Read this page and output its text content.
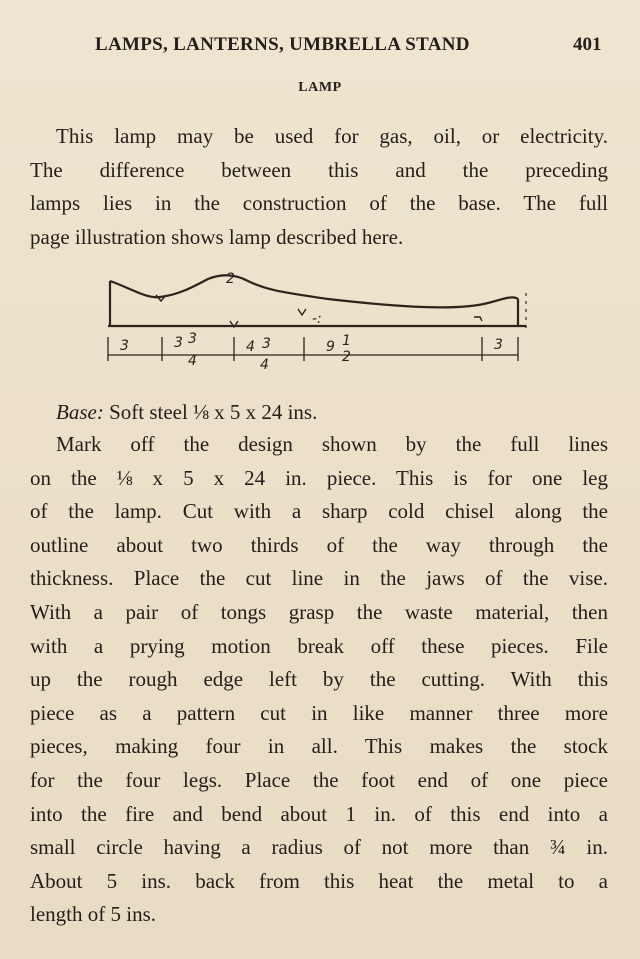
LAMPS, LANTERNS, UMBRELLA STAND	401
LAMP
This lamp may be used for gas, oil, or electricity.
The difference between this and the preceding
lamps lies in the construction of the base. The full
page illustration shows lamp described here.
3	3 3
4
4 3
4
9 1
2
3
2
-:
Base: Soft steel ⅛ x 5 x 24 ins.
Mark off the design shown by the full lines
on the ⅛ x 5 x 24 in. piece. This is for one leg
of the lamp. Cut with a sharp cold chisel along the
outline about two thirds of the way through the
thickness. Place the cut line in the jaws of the vise.
With a pair of tongs grasp the waste material, then
with a prying motion break off these pieces. File
up the rough edge left by the cutting. With this
piece as a pattern cut in like manner three more
pieces, making four in all. This makes the stock
for the four legs. Place the foot end of one piece
into the fire and bend about 1 in. of this end into a
small circle having a radius of not more than ¾ in.
About 5 ins. back from this heat the metal to a
length of 5 ins.
